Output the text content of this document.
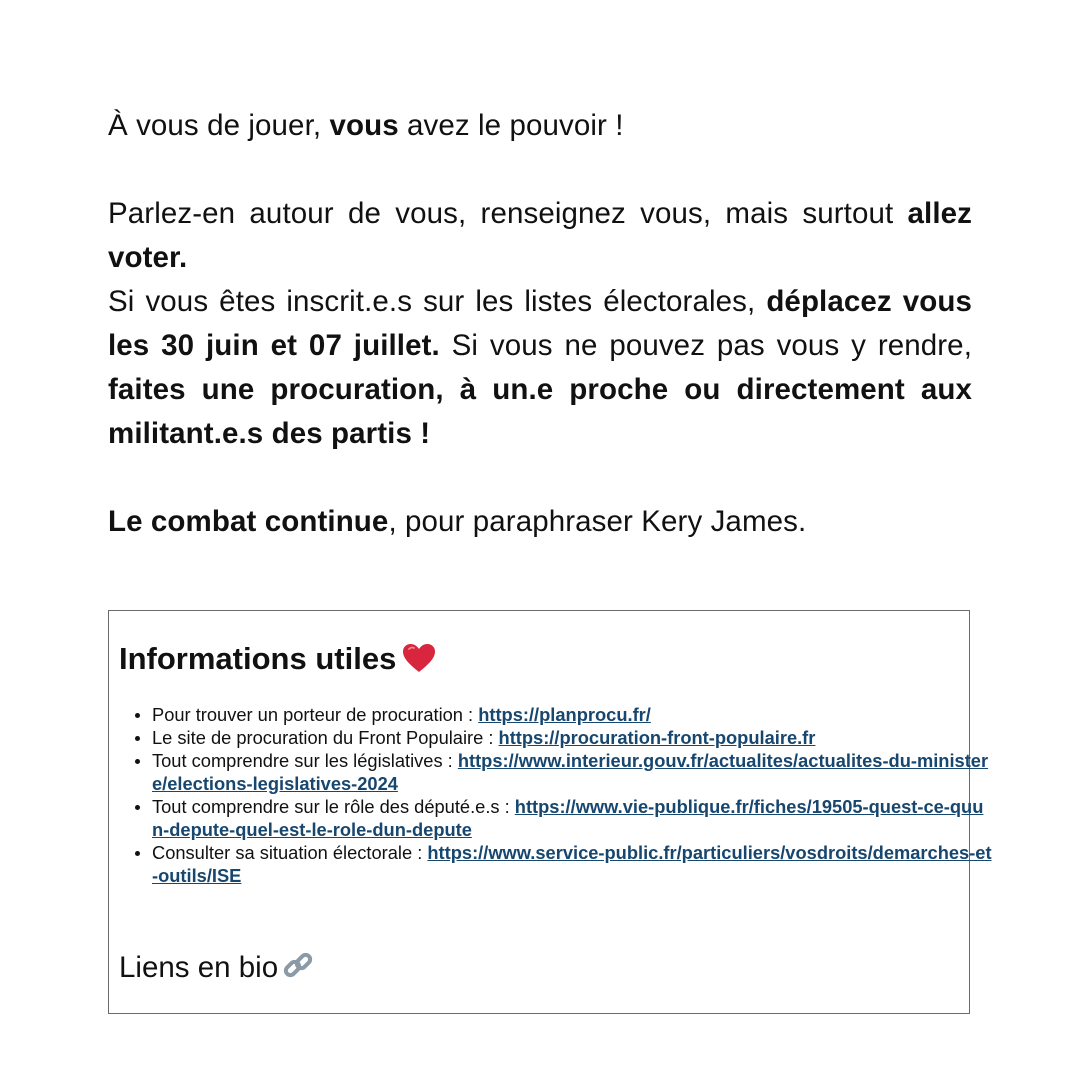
À vous de jouer, vous avez le pouvoir !

Parlez-en autour de vous, renseignez vous, mais surtout allez voter.
Si vous êtes inscrit.e.s sur les listes électorales, déplacez vous les 30 juin et 07 juillet. Si vous ne pouvez pas vous y rendre, faites une procuration, à un.e proche ou directement aux militant.e.s des partis !

Le combat continue, pour paraphraser Kery James.

Informations utiles
Pour trouver un porteur de procuration : https://planprocu.fr/
Le site de procuration du Front Populaire : https://procuration-front-populaire.fr
Tout comprendre sur les législatives : https://www.interieur.gouv.fr/actualites/actualites-du-ministere/elections-legislatives-2024
Tout comprendre sur le rôle des député.e.s : https://www.vie-publique.fr/fiches/19505-quest-ce-quun-depute-quel-est-le-role-dun-depute
Consulter sa situation électorale : https://www.service-public.fr/particuliers/vosdroits/demarches-et-outils/ISE
Liens en bio
